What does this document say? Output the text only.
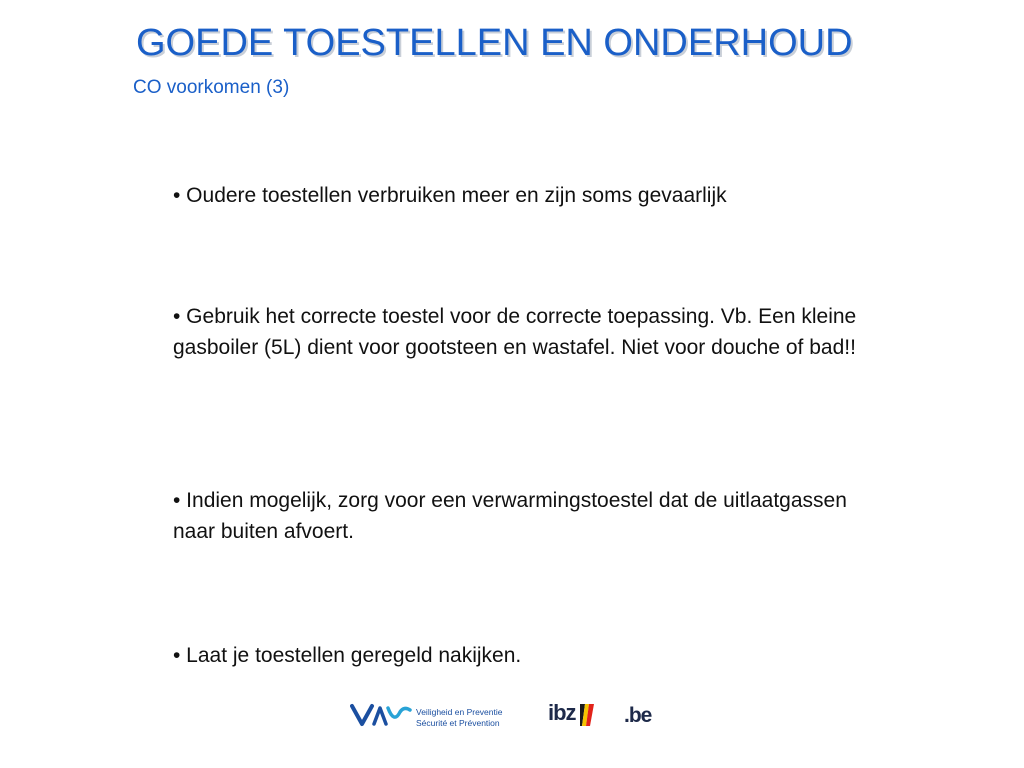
GOEDE TOESTELLEN EN ONDERHOUD
CO voorkomen (3)
• Oudere toestellen verbruiken meer en zijn soms gevaarlijk
• Gebruik het correcte toestel voor de correcte toepassing. Vb. Een kleine gasboiler (5L) dient voor gootsteen en wastafel. Niet voor douche of bad!!
• Indien mogelijk, zorg voor een verwarmingstoestel dat de uitlaatgassen naar buiten afvoert.
• Laat je toestellen geregeld nakijken.
Veiligheid en Preventie
Sécurité et Prévention ibz .be
